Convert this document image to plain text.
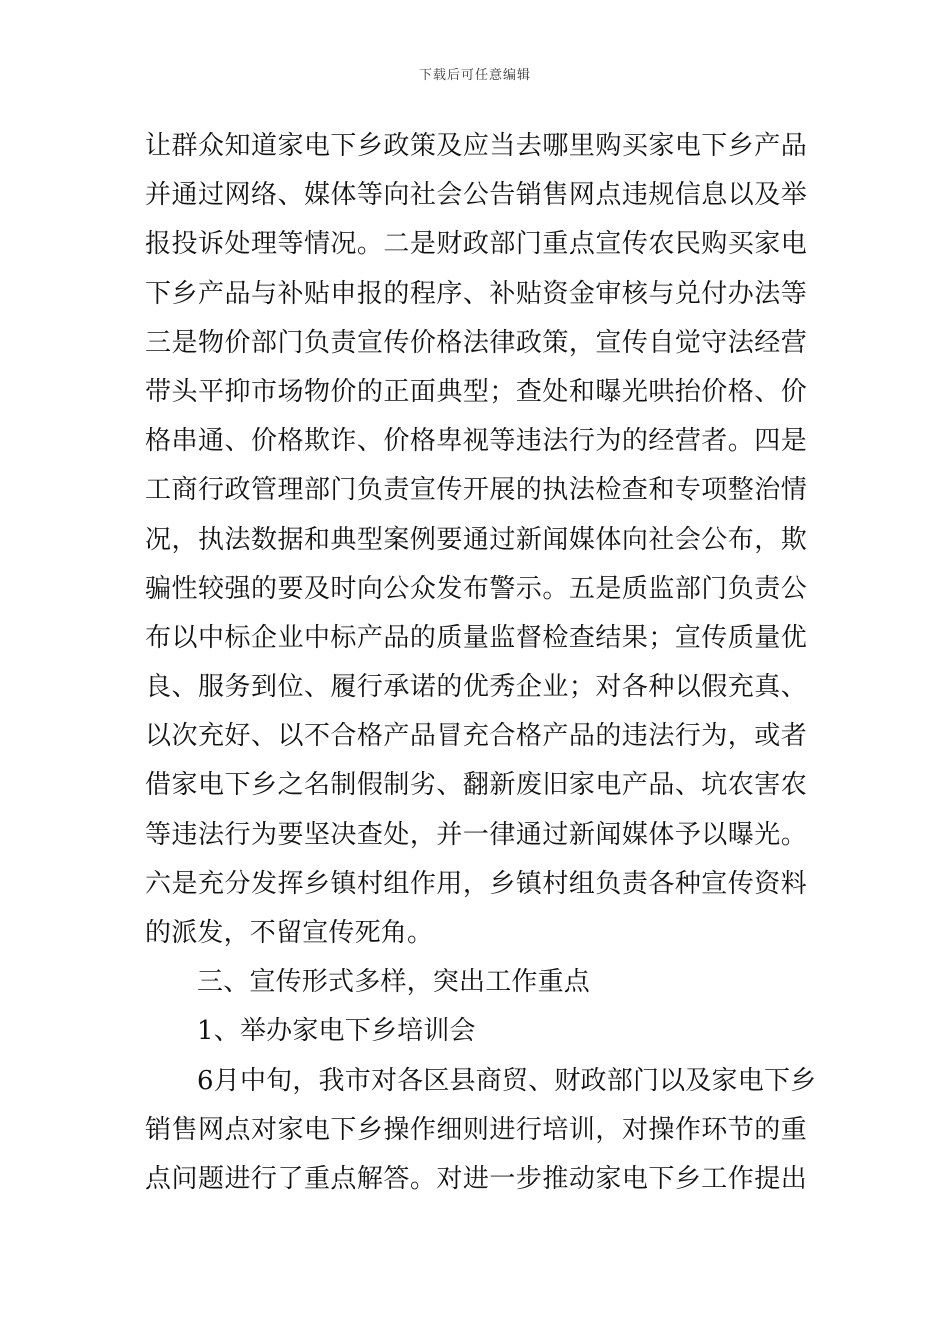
下载后可任意编辑
让群众知道家电下乡政策及应当去哪里购买家电下乡产品
并通过网络、媒体等向社会公告销售网点违规信息以及举
报投诉处理等情况。二是财政部门重点宣传农民购买家电
下乡产品与补贴申报的程序、补贴资金审核与兑付办法等
三是物价部门负责宣传价格法律政策，宣传自觉守法经营
带头平抑市场物价的正面典型；查处和曝光哄抬价格、价
格串通、价格欺诈、价格卑视等违法行为的经营者。四是
工商行政管理部门负责宣传开展的执法检查和专项整治情
况，执法数据和典型案例要通过新闻媒体向社会公布，欺
骗性较强的要及时向公众发布警示。五是质监部门负责公
布以中标企业中标产品的质量监督检查结果；宣传质量优
良、服务到位、履行承诺的优秀企业；对各种以假充真、
以次充好、以不合格产品冒充合格产品的违法行为，或者
借家电下乡之名制假制劣、翻新废旧家电产品、坑农害农
等违法行为要坚决查处，并一律通过新闻媒体予以曝光。
六是充分发挥乡镇村组作用，乡镇村组负责各种宣传资料
的派发，不留宣传死角。
三、宣传形式多样，突出工作重点
1、举办家电下乡培训会
6月中旬，我市对各区县商贸、财政部门以及家电下乡
销售网点对家电下乡操作细则进行培训，对操作环节的重
点问题进行了重点解答。对进一步推动家电下乡工作提出
